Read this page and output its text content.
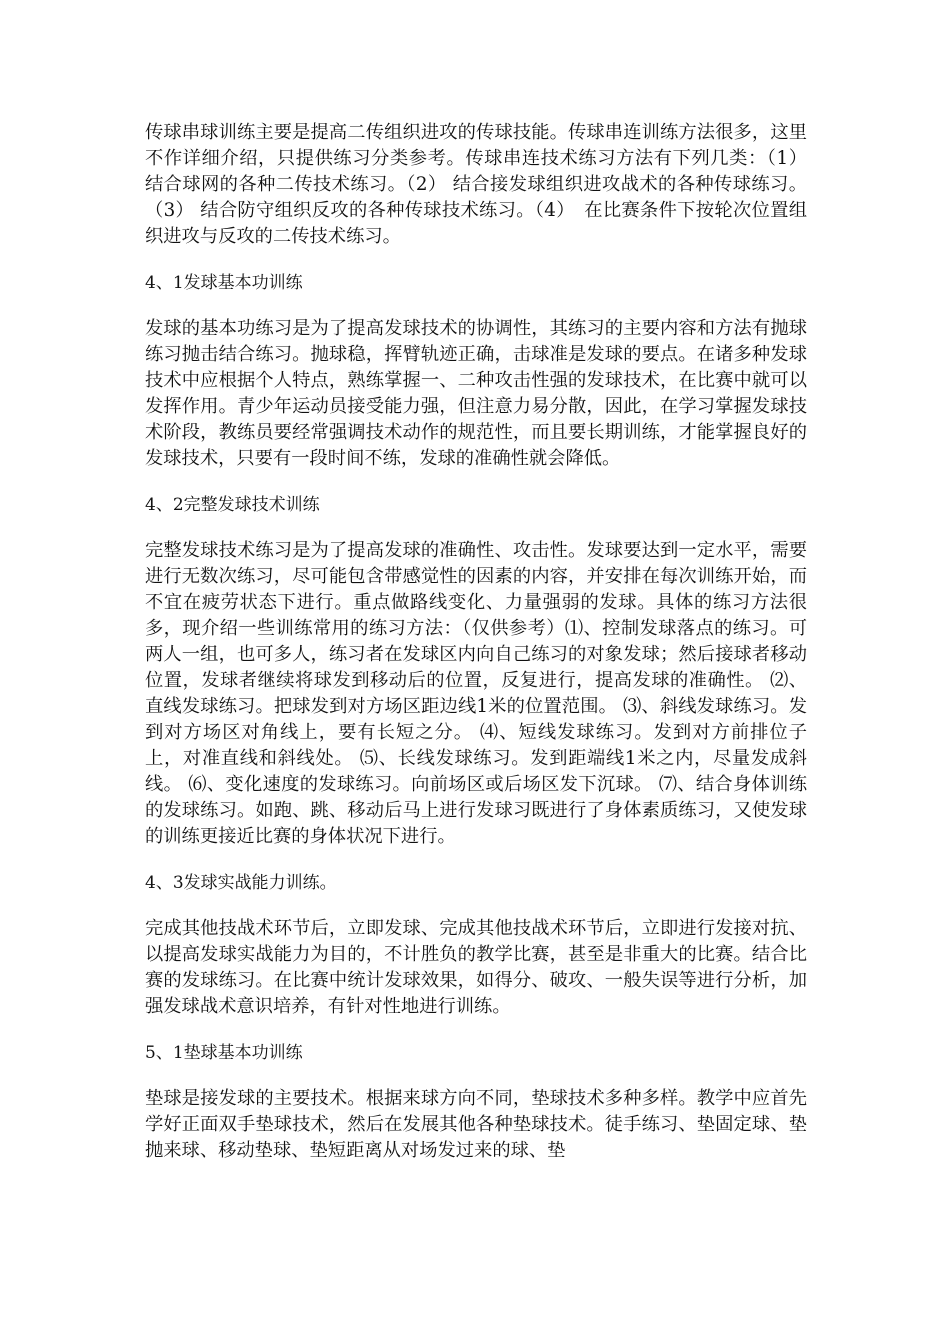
传球串球训练主要是提高二传组织进攻的传球技能。传球串连训练方法很多，这里不作详细介绍，只提供练习分类参考。传球串连技术练习方法有下列几类：（1） 结合球网的各种二传技术练习。（2） 结合接发球组织进攻战术的各种传球练习。（3） 结合防守组织反攻的各种传球技术练习。（4）　在比赛条件下按轮次位置组织进攻与反攻的二传技术练习。

4、1发球基本功训练

发球的基本功练习是为了提高发球技术的协调性，其练习的主要内容和方法有抛球练习抛击结合练习。抛球稳，挥臂轨迹正确，击球准是发球的要点。在诸多种发球技术中应根据个人特点，熟练掌握一、二种攻击性强的发球技术，在比赛中就可以发挥作用。青少年运动员接受能力强，但注意力易分散，因此，在学习掌握发球技术阶段，教练员要经常强调技术动作的规范性，而且要长期训练，才能掌握良好的发球技术，只要有一段时间不练，发球的准确性就会降低。

4、2完整发球技术训练

完整发球技术练习是为了提高发球的准确性、攻击性。发球要达到一定水平，需要进行无数次练习，尽可能包含带感觉性的因素的内容，并安排在每次训练开始，而不宜在疲劳状态下进行。重点做路线变化、力量强弱的发球。具体的练习方法很多，现介绍一些训练常用的练习方法：（仅供参考）⑴、控制发球落点的练习。可两人一组，也可多人，练习者在发球区内向自己练习的对象发球；然后接球者移动位置，发球者继续将球发到移动后的位置，反复进行，提高发球的准确性。 ⑵、直线发球练习。把球发到对方场区距边线1米的位置范围。 ⑶、斜线发球练习。发到对方场区对角线上，要有长短之分。 ⑷、短线发球练习。发到对方前排位子上，对准直线和斜线处。 ⑸、长线发球练习。发到距端线1米之内，尽量发成斜线。 ⑹、变化速度的发球练习。向前场区或后场区发下沉球。 ⑺、结合身体训练的发球练习。如跑、跳、移动后马上进行发球习既进行了身体素质练习，又使发球的训练更接近比赛的身体状况下进行。

4、3发球实战能力训练。

完成其他技战术环节后，立即发球、完成其他技战术环节后，立即进行发接对抗、以提高发球实战能力为目的，不计胜负的教学比赛，甚至是非重大的比赛。结合比赛的发球练习。在比赛中统计发球效果，如得分、破攻、一般失误等进行分析，加强发球战术意识培养，有针对性地进行训练。

5、1垫球基本功训练

垫球是接发球的主要技术。根据来球方向不同，垫球技术多种多样。教学中应首先学好正面双手垫球技术，然后在发展其他各种垫球技术。徒手练习、垫固定球、垫抛来球、移动垫球、垫短距离从对场发过来的球、垫
